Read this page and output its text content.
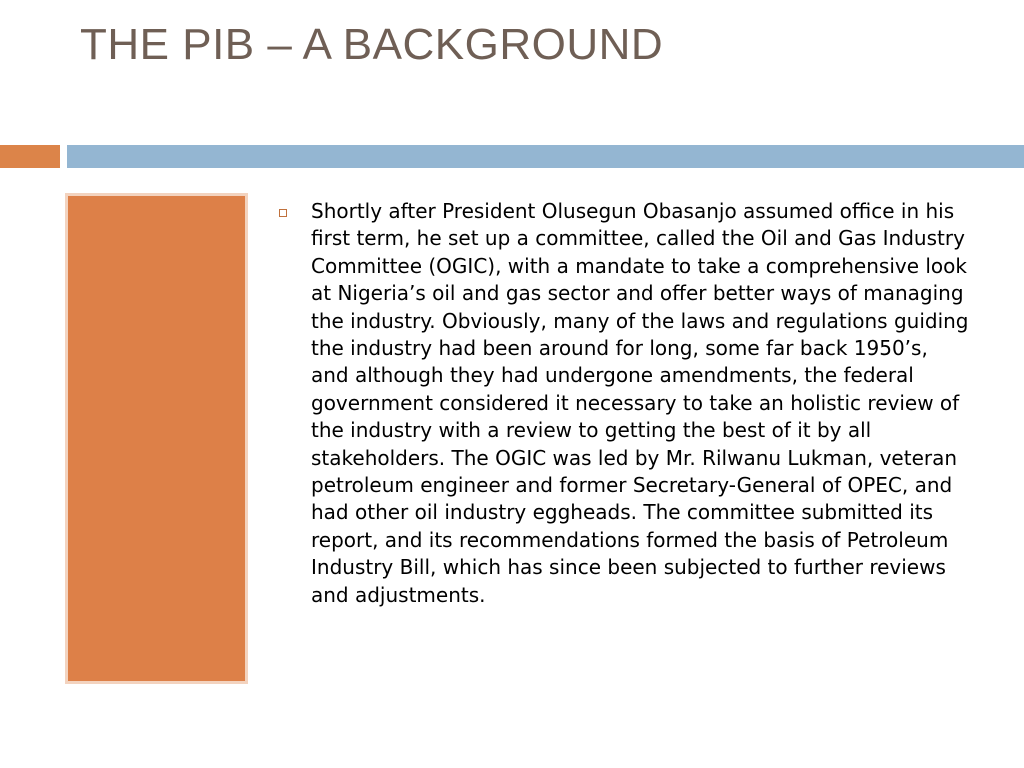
THE PIB – A BACKGROUND

Shortly after President Olusegun Obasanjo assumed office in his first term, he set up a committee, called the Oil and Gas Industry Committee (OGIC), with a mandate to take a comprehensive look at Nigeria’s oil and gas sector and offer better ways of managing the industry. Obviously, many of the laws and regulations guiding the industry had been around for long, some far back 1950’s, and although they had undergone amendments, the federal government considered it necessary to take an holistic review of the industry with a review to getting the best of it by all stakeholders. The OGIC was led by Mr. Rilwanu Lukman, veteran petroleum engineer and former Secretary-General of OPEC, and had other oil industry eggheads. The committee submitted its report, and its recommendations formed the basis of Petroleum Industry Bill, which has since been subjected to further reviews and adjustments.
